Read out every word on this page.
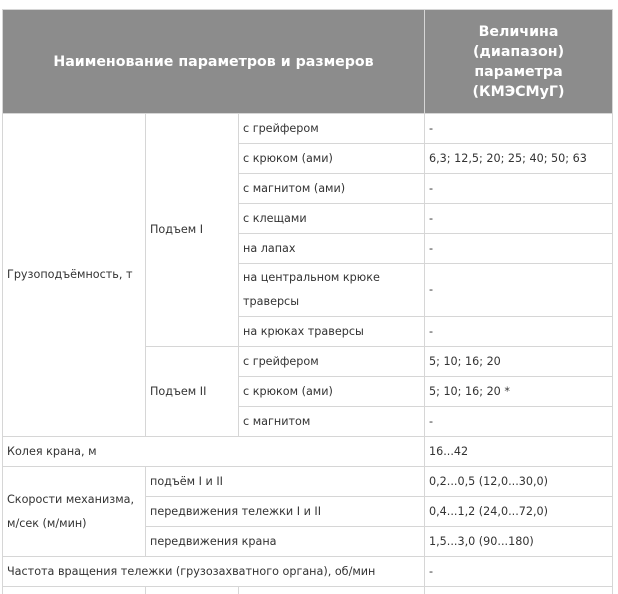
Наименование параметров и размеров			Величина (диапазон) параметра (КМЭСМуГ)
Грузоподъёмность, т	Подъем I	с грейфером	-
		с крюком (ами)	6,3; 12,5; 20; 25; 40; 50; 63
		с магнитом (ами)	-
		с клещами	-
		на лапах	-
		на центральном крюке траверсы	-
		на крюках траверсы	-
	Подъем II	с грейфером	5; 10; 16; 20
		с крюком (ами)	5; 10; 16; 20 *
		с магнитом	-
Колея крана, м			16...42
Скорости механизма, м/сек (м/мин)	подъём I и II		0,2...0,5 (12,0...30,0)
	передвижения тележки I и II		0,4...1,2 (24,0...72,0)
	передвижения крана		1,5...3,0 (90...180)
Частота вращения тележки (грузозахватного органа), об/мин			-
